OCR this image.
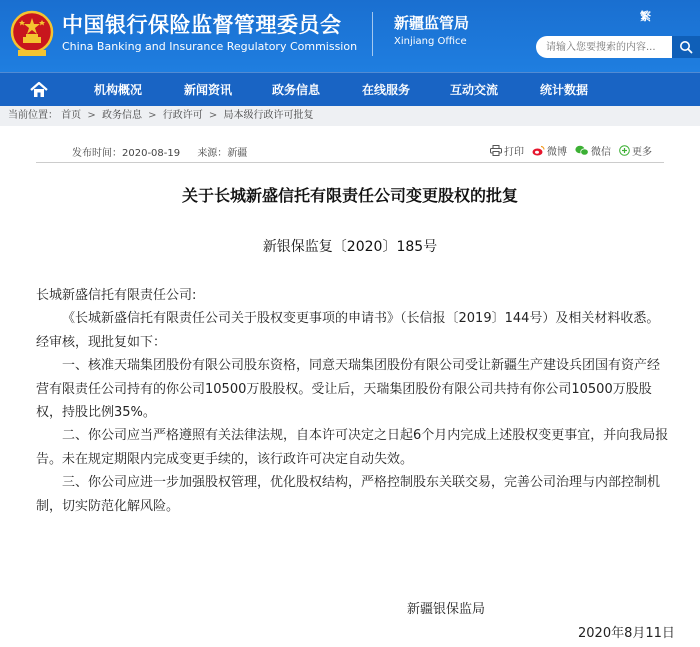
中国银行保险监督管理委员会
China Banking and Insurance Regulatory Commission
新疆监管局
Xinjiang Office
繁
请输入您要搜索的内容...
机构概况	新闻资讯	政务信息	在线服务	互动交流	统计数据
当前位置： 首页 > 政务信息 > 行政许可 > 局本级行政许可批复
发布时间：2020-08-19 来源：新疆	打印 微博 微信 更多
关于长城新盛信托有限责任公司变更股权的批复
新银保监复〔2020〕185号

长城新盛信托有限责任公司:

《长城新盛信托有限责任公司关于股权变更事项的申请书》（长信报〔2019〕144号）及相关材料收悉。经审核，现批复如下：

一、核准天瑞集团股份有限公司股东资格，同意天瑞集团股份有限公司受让新疆生产建设兵团国有资产经营有限责任公司持有的你公司10500万股股权。受让后，天瑞集团股份有限公司共持有你公司10500万股股权，持股比例35%。

二、你公司应当严格遵照有关法律法规，自本许可决定之日起6个月内完成上述股权变更事宜，并向我局报告。未在规定期限内完成变更手续的，该行政许可决定自动失效。

三、你公司应进一步加强股权管理，优化股权结构，严格控制股东关联交易，完善公司治理与内部控制机制，切实防范化解风险。

新疆银保监局
2020年8月11日
